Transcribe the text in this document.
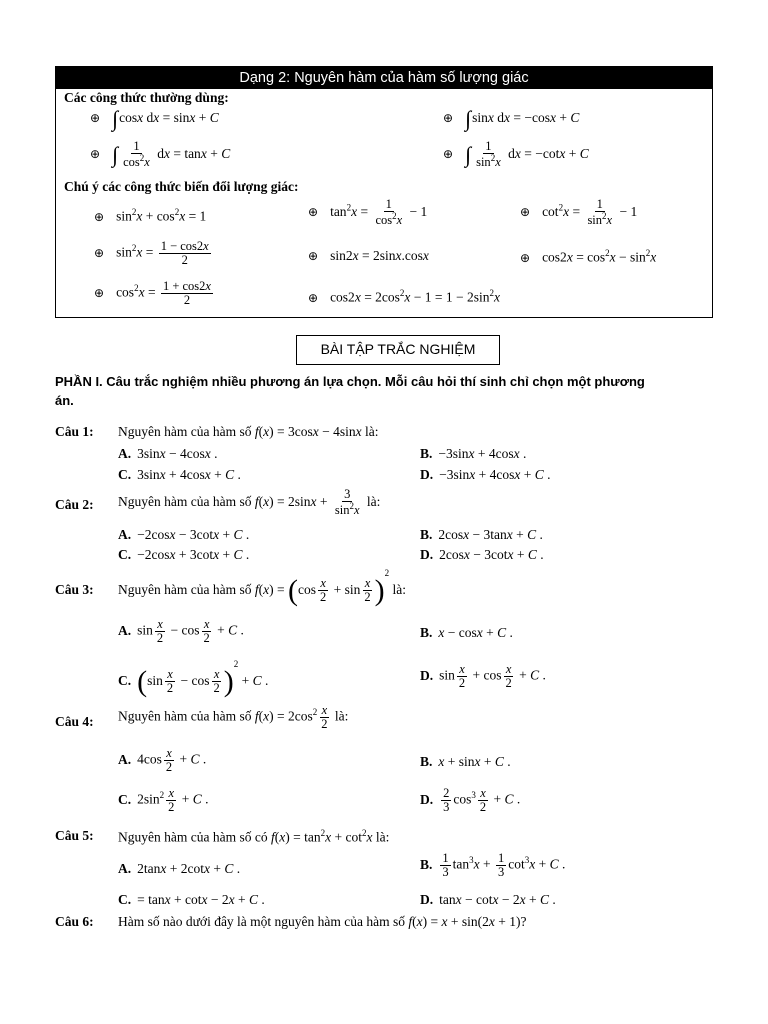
Dạng 2: Nguyên hàm của hàm số lượng giác
Các công thức thường dùng:
⊕ ∫cosx dx = sinx + C	⊕ ∫sinx dx = −cosx + C
⊕ ∫ $\frac{1}{\cos^2x}$ dx = tanx + C	⊕ ∫ $\frac{1}{\sin^2x}$ dx = −cotx + C
Chú ý các công thức biến đổi lượng giác:
⊕ $\sin^2x + \cos^2x = 1$	⊕ $\tan^2x = \frac{1}{\cos^2x} - 1$	⊕ $\cot^2x = \frac{1}{\sin^2x} - 1$
⊕ $\sin^2x = \frac{1 - \cos 2x}{2}$	⊕ sin2x = 2sinx.cosx	⊕ $\cos 2x = \cos^2x - \sin^2x$
⊕ $\cos^2x = \frac{1 + \cos 2x}{2}$	⊕ $\cos 2x = 2\cos^2x - 1 = 1 - 2\sin^2x$
BÀI TẬP TRẮC NGHIỆM
PHẦN I. Câu trắc nghiệm nhiều phương án lựa chọn. Mỗi câu hỏi thí sinh chỉ chọn một phương
án.
Câu 1: Nguyên hàm của hàm số f(x) = 3cosx − 4sinx là:
A. 3sinx − 4cosx .	B. −3sinx + 4cosx .
C. 3sinx + 4cosx + C .	D. −3sinx + 4cosx + C .
Câu 2: Nguyên hàm của hàm số $f(x) = 2\sin x + \frac{3}{\sin^2x}$ là:
A. −2cosx − 3cotx + C .	B. 2cosx − 3tanx + C .
C. −2cosx + 3cotx + C .	D. 2cosx − 3cotx + C .
Câu 3: Nguyên hàm của hàm số $f(x) = (\cos \frac{x}{2} + \sin \frac{x}{2} )^2$ là:
A. $\sin \frac{x}{2} - \cos \frac{x}{2} + C$ .	B. x − cosx + C .
C. $(\sin \frac{x}{2} - \cos \frac{x}{2} )^2 + C$ .	D. $\sin \frac{x}{2} + \cos \frac{x}{2} + C$ .
Câu 4: Nguyên hàm của hàm số $f(x) = 2\cos^2 \frac{x}{2}$ là:
A. $4\cos \frac{x}{2} + C$ .	B. x + sinx + C .
C. $2\sin^2 \frac{x}{2} + C$ .	D. $\frac{2}{3} \cos^3 \frac{x}{2} + C$ .
Câu 5: Nguyên hàm của hàm số có $f(x) = \tan^2x + \cot^2x$ là:
A. 2tanx + 2cotx + C .	B. $\frac{1}{3} \tan^3x + \frac{1}{3} \cot^3x + C$ .
C. = tanx + cotx − 2x + C .	D. tanx − cotx − 2x + C .
Câu 6: Hàm số nào dưới đây là một nguyên hàm của hàm số f(x) = x + sin(2x + 1)?
